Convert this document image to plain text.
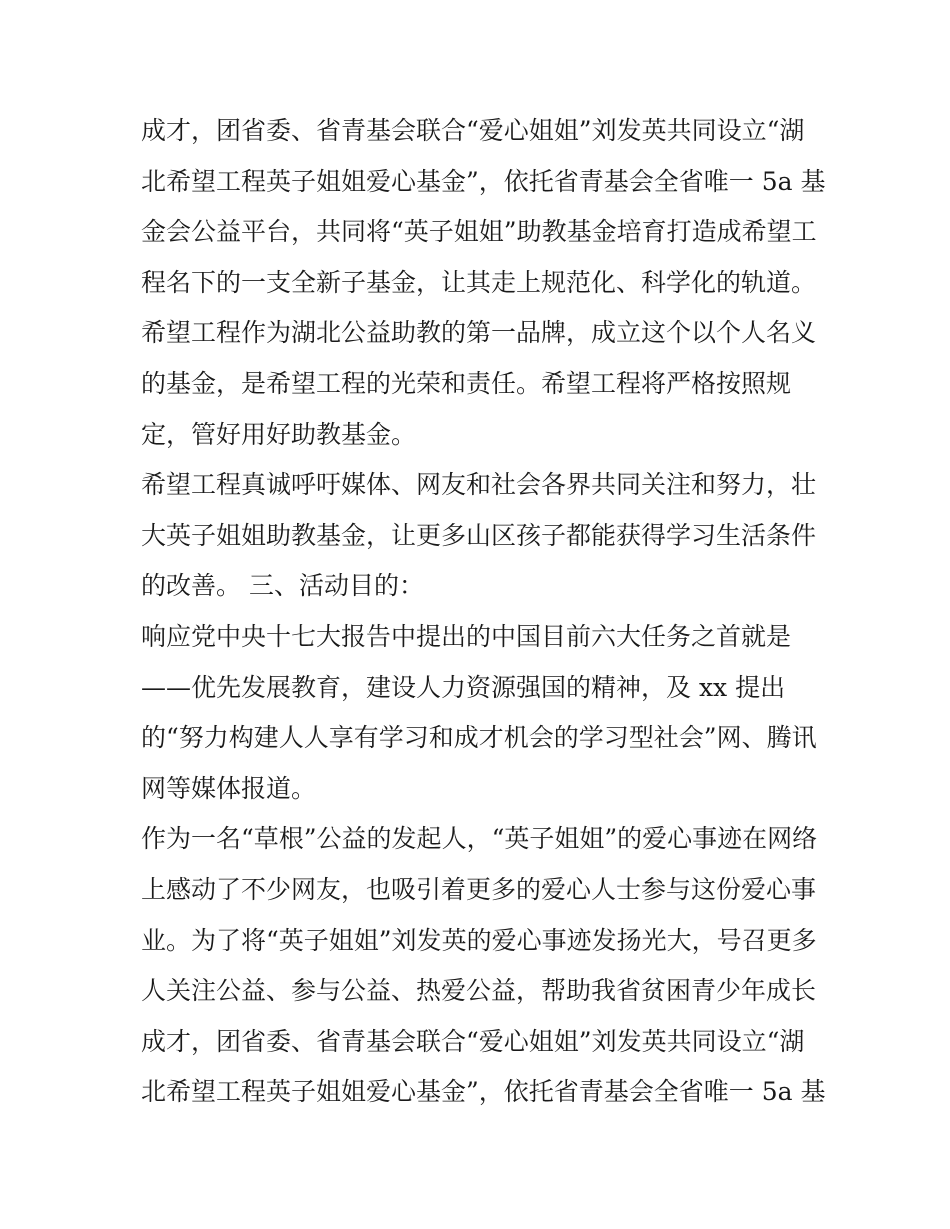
成才，团省委、省青基会联合“爱心姐姐”刘发英共同设立“湖
北希望工程英子姐姐爱心基金”，依托省青基会全省唯一 5a 基
金会公益平台，共同将“英子姐姐”助教基金培育打造成希望工
程名下的一支全新子基金，让其走上规范化、科学化的轨道。
希望工程作为湖北公益助教的第一品牌，成立这个以个人名义
的基金，是希望工程的光荣和责任。希望工程将严格按照规
定，管好用好助教基金。
希望工程真诚呼吁媒体、网友和社会各界共同关注和努力，壮
大英子姐姐助教基金，让更多山区孩子都能获得学习生活条件
的改善。 三、活动目的：
响应党中央十七大报告中提出的中国目前六大任务之首就是
——优先发展教育，建设人力资源强国的精神，及 xx 提出
的“努力构建人人享有学习和成才机会的学习型社会”网、腾讯
网等媒体报道。
作为一名“草根”公益的发起人，“英子姐姐”的爱心事迹在网络
上感动了不少网友，也吸引着更多的爱心人士参与这份爱心事
业。为了将“英子姐姐”刘发英的爱心事迹发扬光大，号召更多
人关注公益、参与公益、热爱公益，帮助我省贫困青少年成长
成才，团省委、省青基会联合“爱心姐姐”刘发英共同设立“湖
北希望工程英子姐姐爱心基金”，依托省青基会全省唯一 5a 基
